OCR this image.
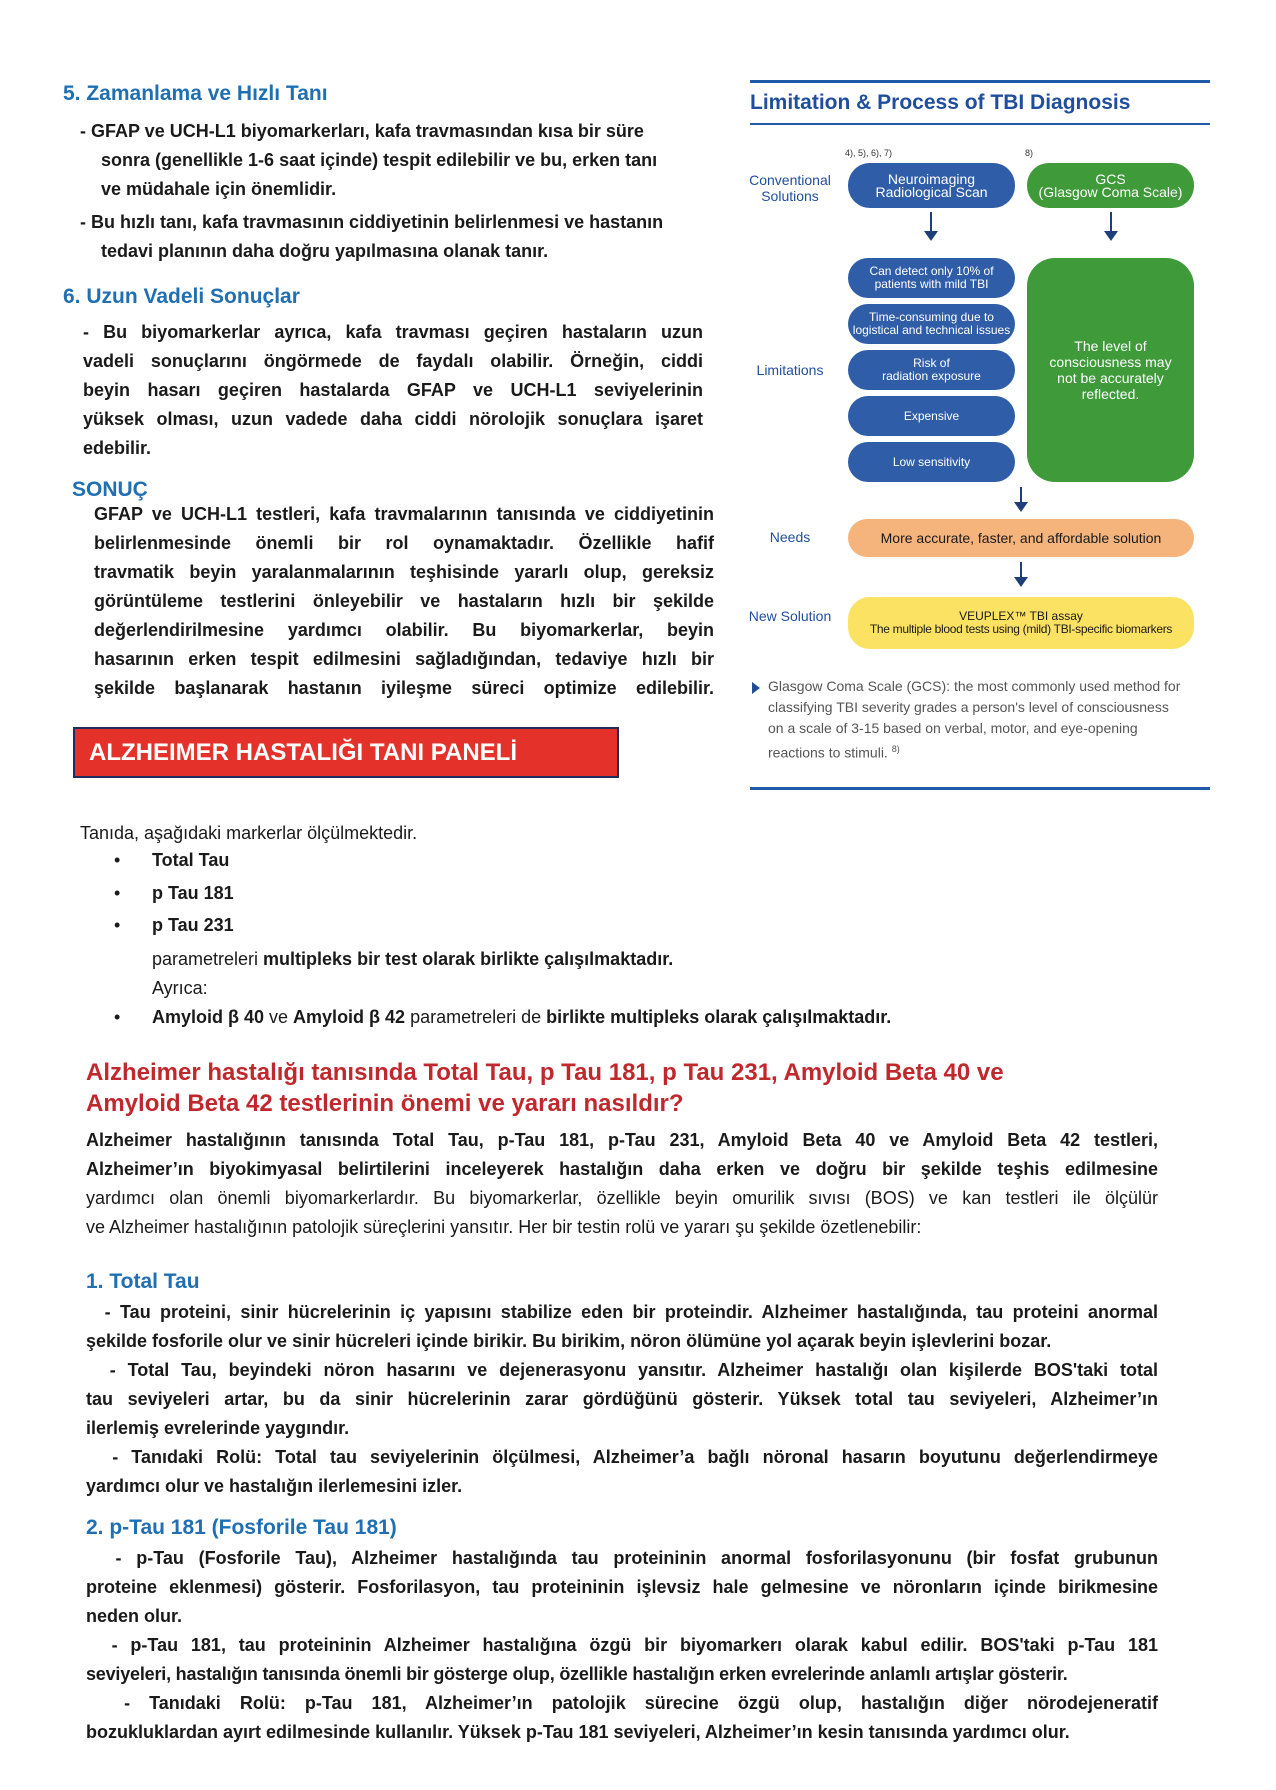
5. Zamanlama ve Hızlı Tanı
- GFAP ve UCH-L1 biyomarkerları, kafa travmasından kısa bir süre
sonra (genellikle 1-6 saat içinde) tespit edilebilir ve bu, erken tanı
ve müdahale için önemlidir.
- Bu hızlı tanı, kafa travmasının ciddiyetinin belirlenmesi ve hastanın
tedavi planının daha doğru yapılmasına olanak tanır.
6. Uzun Vadeli Sonuçlar
- Bu biyomarkerlar ayrıca, kafa travması geçiren hastaların uzun
vadeli sonuçlarını öngörmede de faydalı olabilir. Örneğin, ciddi
beyin hasarı geçiren hastalarda GFAP ve UCH-L1 seviyelerinin
yüksek olması, uzun vadede daha ciddi nörolojik sonuçlara işaret
edebilir.
SONUÇ
GFAP ve UCH-L1 testleri, kafa travmalarının tanısında ve ciddiyetinin
belirlenmesinde önemli bir rol oynamaktadır. Özellikle hafif
travmatik beyin yaralanmalarının teşhisinde yararlı olup, gereksiz
görüntüleme testlerini önleyebilir ve hastaların hızlı bir şekilde
değerlendirilmesine yardımcı olabilir. Bu biyomarkerlar, beyin
hasarının erken tespit edilmesini sağladığından, tedaviye hızlı bir
şekilde başlanarak hastanın iyileşme süreci optimize edilebilir.
Limitation & Process of TBI Diagnosis
4), 5), 6), 7)	8)
Conventional Solutions
Limitations
Needs
New Solution
Neuroimaging
Radiological Scan
GCS
(Glasgow Coma Scale)
Can detect only 10% of
patients with mild TBI
Time-consuming due to
logistical and technical issues
Risk of
radiation exposure
Expensive
Low sensitivity
The level of
consciousness may
not be accurately
reflected.
More accurate, faster, and affordable solution
VEUPLEX™ TBI assay
The multiple blood tests using (mild) TBI-specific biomarkers
Glasgow Coma Scale (GCS): the most commonly used method for
classifying TBI severity grades a person's level of consciousness
on a scale of 3-15 based on verbal, motor, and eye-opening
reactions to stimuli. $^{8)}$
ALZHEIMER HASTALIĞI TANI PANELİ
Tanıda, aşağıdaki markerlar ölçülmektedir.
• Total Tau
• p Tau 181
• p Tau 231
parametreleri multipleks bir test olarak birlikte çalışılmaktadır.
Ayrıca:
• Amyloid β 40 ve Amyloid β 42 parametreleri de birlikte multipleks olarak çalışılmaktadır.
Alzheimer hastalığı tanısında Total Tau, p Tau 181, p Tau 231, Amyloid Beta 40 ve
Amyloid Beta 42 testlerinin önemi ve yararı nasıldır?
Alzheimer hastalığının tanısında Total Tau, p-Tau 181, p-Tau 231, Amyloid Beta 40 ve Amyloid Beta 42 testleri,
Alzheimer’ın biyokimyasal belirtilerini inceleyerek hastalığın daha erken ve doğru bir şekilde teşhis edilmesine
yardımcı olan önemli biyomarkerlardır. Bu biyomarkerlar, özellikle beyin omurilik sıvısı (BOS) ve kan testleri ile ölçülür
ve Alzheimer hastalığının patolojik süreçlerini yansıtır. Her bir testin rolü ve yararı şu şekilde özetlenebilir:
1. Total Tau
- Tau proteini, sinir hücrelerinin iç yapısını stabilize eden bir proteindir. Alzheimer hastalığında, tau proteini anormal
şekilde fosforile olur ve sinir hücreleri içinde birikir. Bu birikim, nöron ölümüne yol açarak beyin işlevlerini bozar.
- Total Tau, beyindeki nöron hasarını ve dejenerasyonu yansıtır. Alzheimer hastalığı olan kişilerde BOS'taki total
tau seviyeleri artar, bu da sinir hücrelerinin zarar gördüğünü gösterir. Yüksek total tau seviyeleri, Alzheimer’ın
ilerlemiş evrelerinde yaygındır.
- Tanıdaki Rolü: Total tau seviyelerinin ölçülmesi, Alzheimer’a bağlı nöronal hasarın boyutunu değerlendirmeye
yardımcı olur ve hastalığın ilerlemesini izler.
2. p-Tau 181 (Fosforile Tau 181)
- p-Tau (Fosforile Tau), Alzheimer hastalığında tau proteininin anormal fosforilasyonunu (bir fosfat grubunun
proteine eklenmesi) gösterir. Fosforilasyon, tau proteininin işlevsiz hale gelmesine ve nöronların içinde birikmesine
neden olur.
- p-Tau 181, tau proteininin Alzheimer hastalığına özgü bir biyomarkerı olarak kabul edilir. BOS'taki p-Tau 181
seviyeleri, hastalığın tanısında önemli bir gösterge olup, özellikle hastalığın erken evrelerinde anlamlı artışlar gösterir.
- Tanıdaki Rolü: p-Tau 181, Alzheimer’ın patolojik sürecine özgü olup, hastalığın diğer nörodejeneratif
bozukluklardan ayırt edilmesinde kullanılır. Yüksek p-Tau 181 seviyeleri, Alzheimer’ın kesin tanısında yardımcı olur.
